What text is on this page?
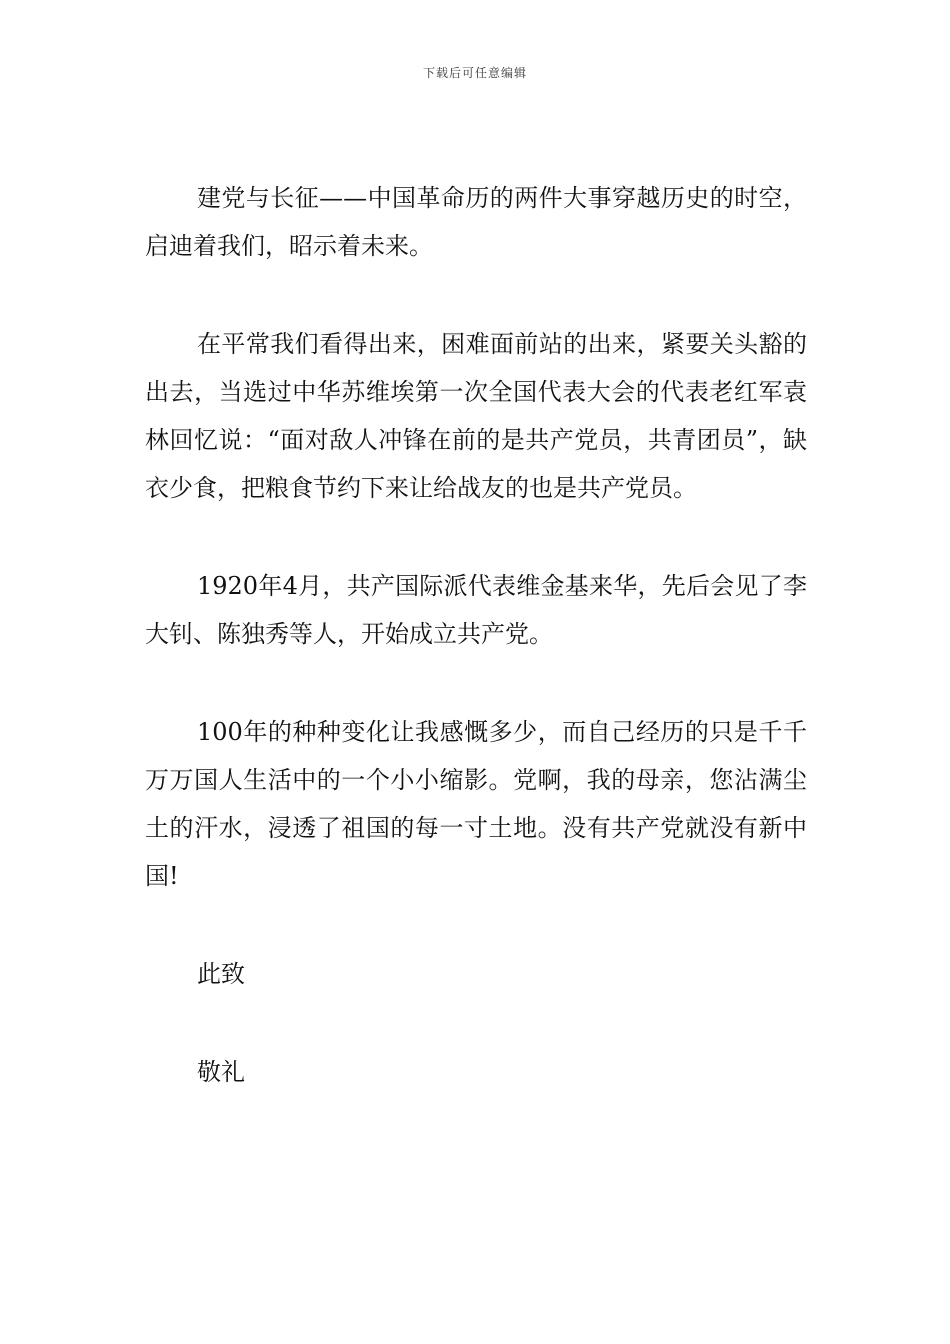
下载后可任意编辑

建党与长征——中国革命历的两件大事穿越历史的时空，启迪着我们，昭示着未来。

在平常我们看得出来，困难面前站的出来，紧要关头豁的出去，当选过中华苏维埃第一次全国代表大会的代表老红军袁林回忆说：“面对敌人冲锋在前的是共产党员，共青团员”，缺衣少食，把粮食节约下来让给战友的也是共产党员。

1920年4月，共产国际派代表维金基来华，先后会见了李大钊、陈独秀等人，开始成立共产党。

100年的种种变化让我感慨多少，而自己经历的只是千千万万国人生活中的一个小小缩影。党啊，我的母亲，您沾满尘土的汗水，浸透了祖国的每一寸土地。没有共产党就没有新中国!

此致

敬礼
